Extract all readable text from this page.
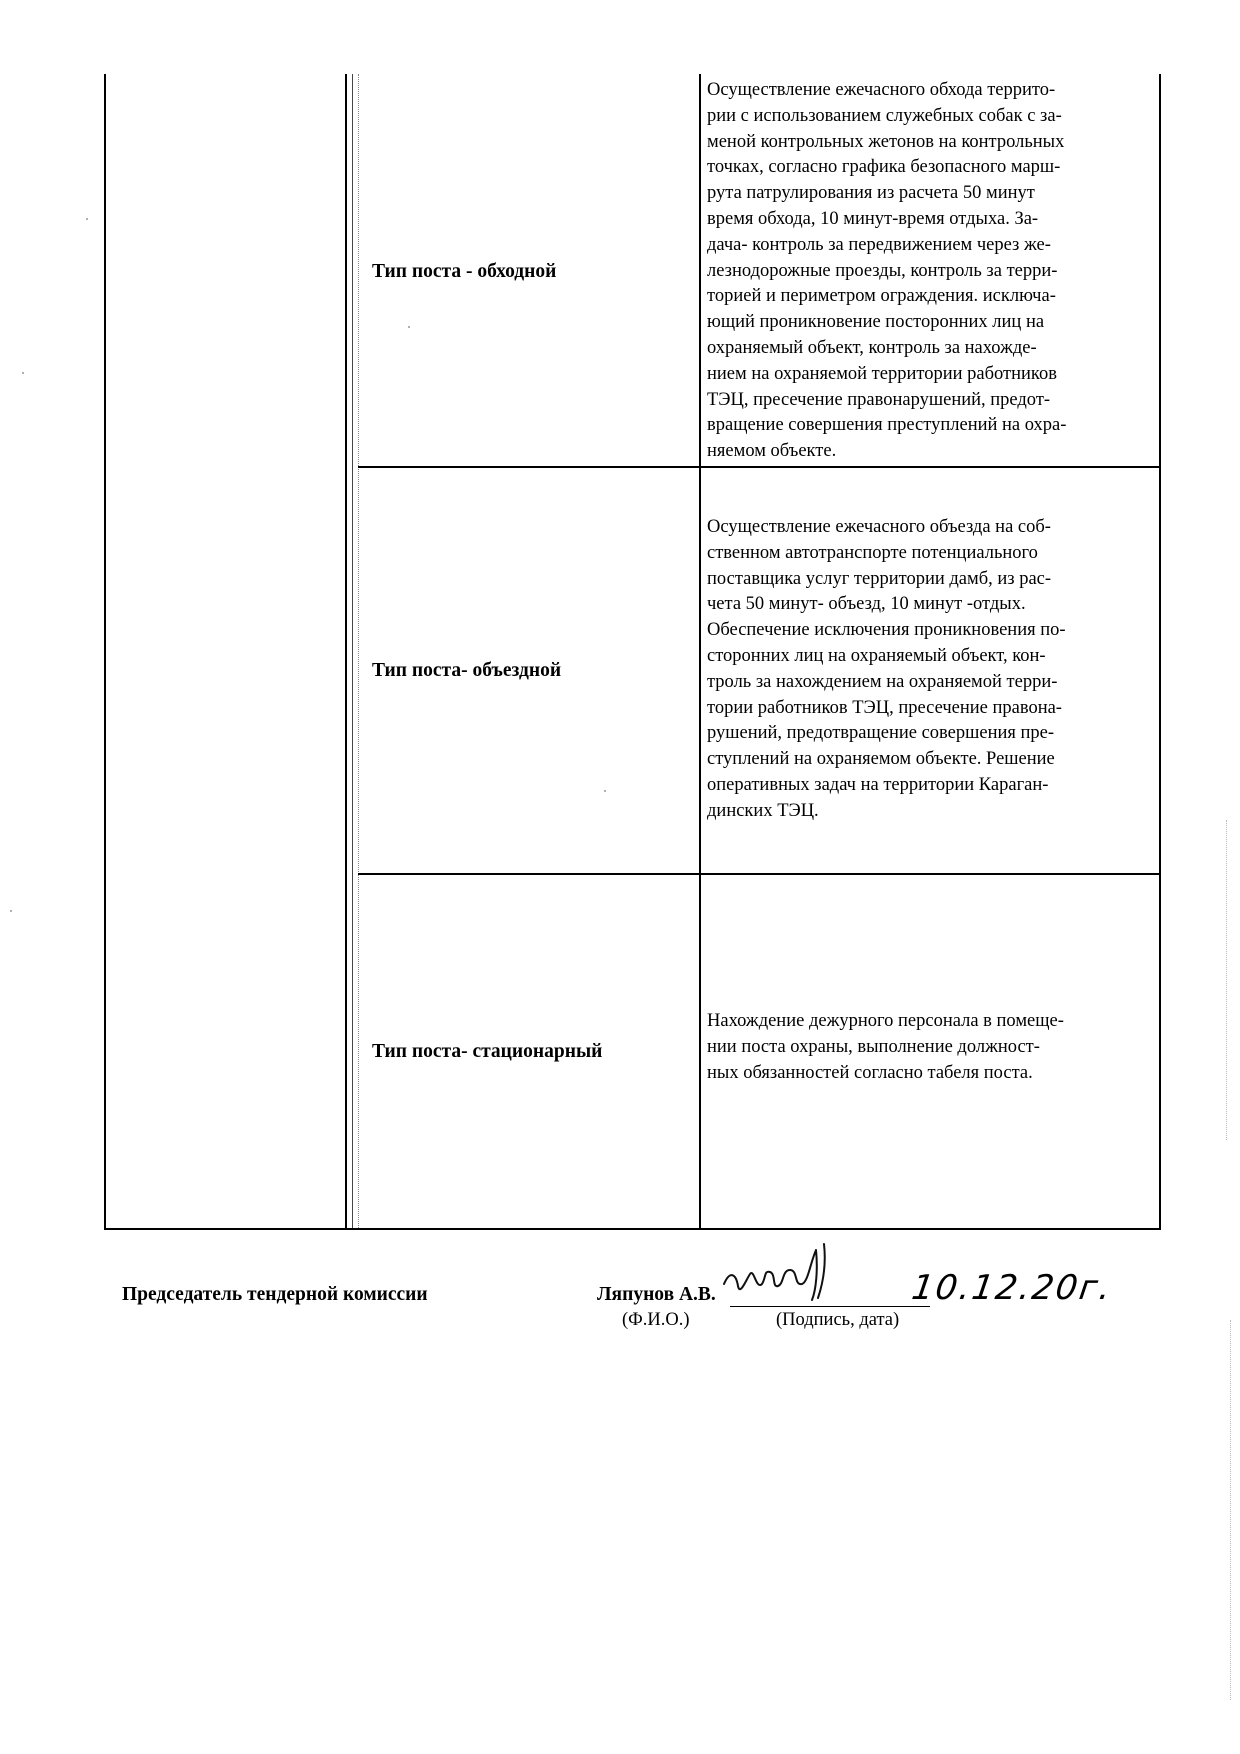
Тип поста - обходной
Осуществление ежечасного обхода террито-
рии с использованием служебных собак с за-
меной контрольных жетонов на контрольных
точках, согласно графика безопасного марш-
рута патрулирования из расчета 50 минут
время обхода, 10 минут-время отдыха. За-
дача- контроль за передвижением через же-
лезнодорожные проезды, контроль за терри-
торией и периметром ограждения. исключа-
ющий проникновение посторонних лиц на
охраняемый объект, контроль за нахожде-
нием на охраняемой территории работников
ТЭЦ, пресечение правонарушений, предот-
вращение совершения преступлений на охра-
няемом объекте.
Тип поста- объездной
Осуществление ежечасного объезда на соб-
ственном автотранспорте потенциального
поставщика услуг территории дамб, из рас-
чета 50 минут- объезд, 10 минут -отдых.
Обеспечение исключения проникновения по-
сторонних лиц на охраняемый объект, кон-
троль за нахождением на охраняемой терри-
тории работников ТЭЦ, пресечение правона-
рушений, предотвращение совершения пре-
ступлений на охраняемом объекте. Решение
оперативных задач на территории Караган-
динских ТЭЦ.
Тип поста- стационарный
Нахождение дежурного персонала в помеще-
нии поста охраны, выполнение должност-
ных обязанностей согласно табеля поста.
Председатель тендерной комиссии	Ляпунов А.В.
(Ф.И.О.)	(Подпись, дата)
10.12.20г.
